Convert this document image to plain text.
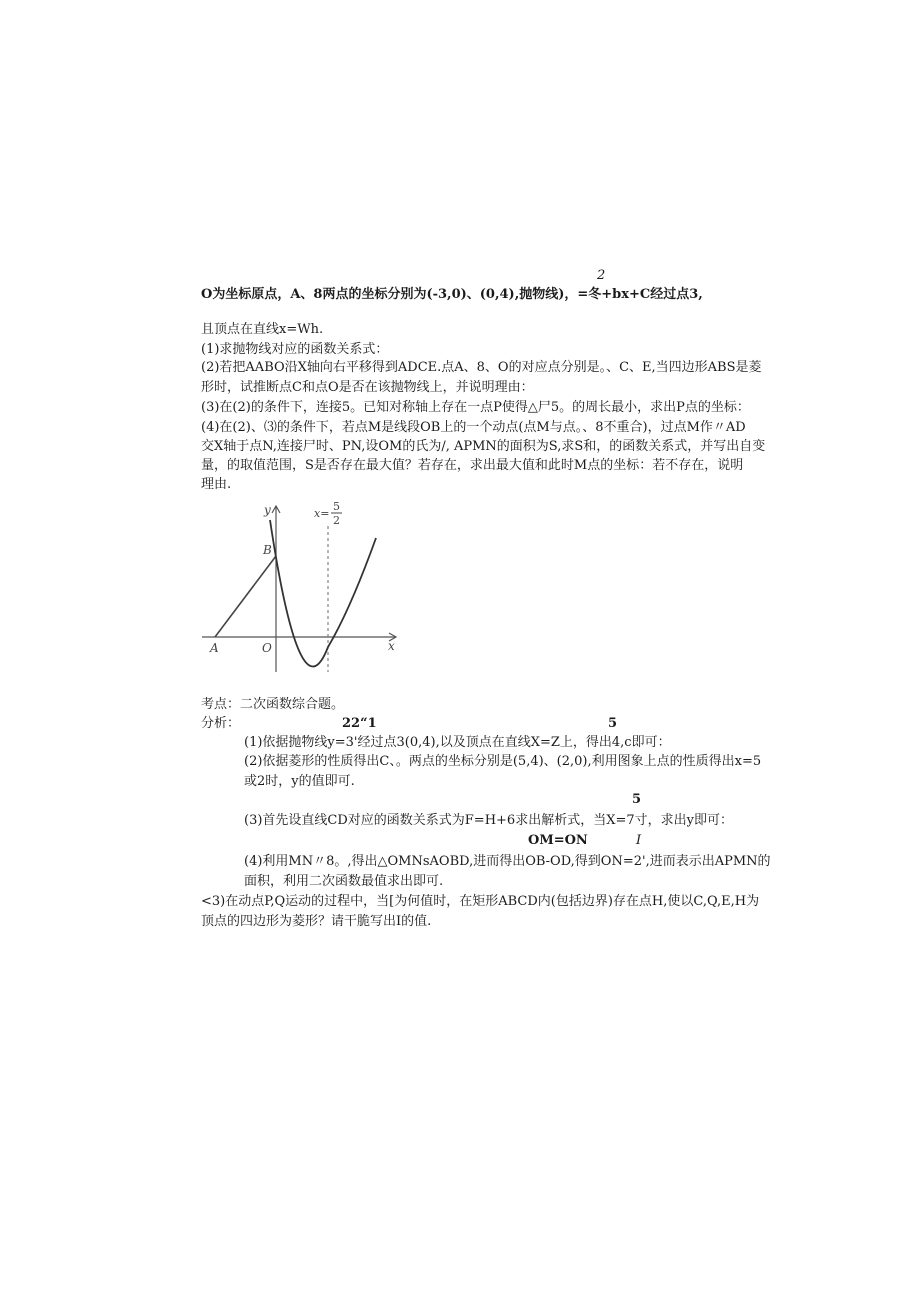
2
O为坐标原点，A、8两点的坐标分别为(-3,0)、(0,4),抛物线)，=冬+bx+C经过点3,
且顶点在直线x=Wh.
(1)求抛物线对应的函数关系式：
(2)若把AABO沿X轴向右平移得到ADCE.点A、8、O的对应点分别是。、C、E,当四边形ABS是菱
形时，试推断点C和点O是否在该抛物线上，并说明理由：
(3)在(2)的条件下，连接5。已知对称轴上存在一点P使得△尸5。的周长最小，求出P点的坐标：
(4)在(2)、⑶的条件下，若点M是线段OB上的一个动点(点M与点。、8不重合)，过点M作〃AD
交X轴于点N,连接尸时、PN,设OM的氏为/, APMN的面积为S,求S和，的函数关系式，并写出自变
量，的取值范围，S是否存在最大值？若存在，求出最大值和此时M点的坐标：若不存在，说明
理由.
y
x
B
O
A
x=
5
2
考点：二次函数综合题。
分析：	22“1	5
(1)依据抛物线y=3'经过点3(0,4),以及顶点在直线X=Z上，得出4,c即可：
(2)依据菱形的性质得出C、。两点的坐标分别是(5,4)、(2,0),利用图象上点的性质得出x=5
或2时，y的值即可.
5
(3)首先设直线CD对应的函数关系式为F=H+6求出解析式，当X=7寸，求出y即可：
OM=ON	I
(4)利用MN〃8。,得出△OMNsAOBD,进而得出OB-OD,得到ON=2',进而表示出APMN的
面积，利用二次函数最值求出即可.
<3)在动点P,Q运动的过程中，当[为何值时，在矩形ABCD内(包括边界)存在点H,使以C,Q,E,H为
顶点的四边形为菱形？请干脆写出I的值.
